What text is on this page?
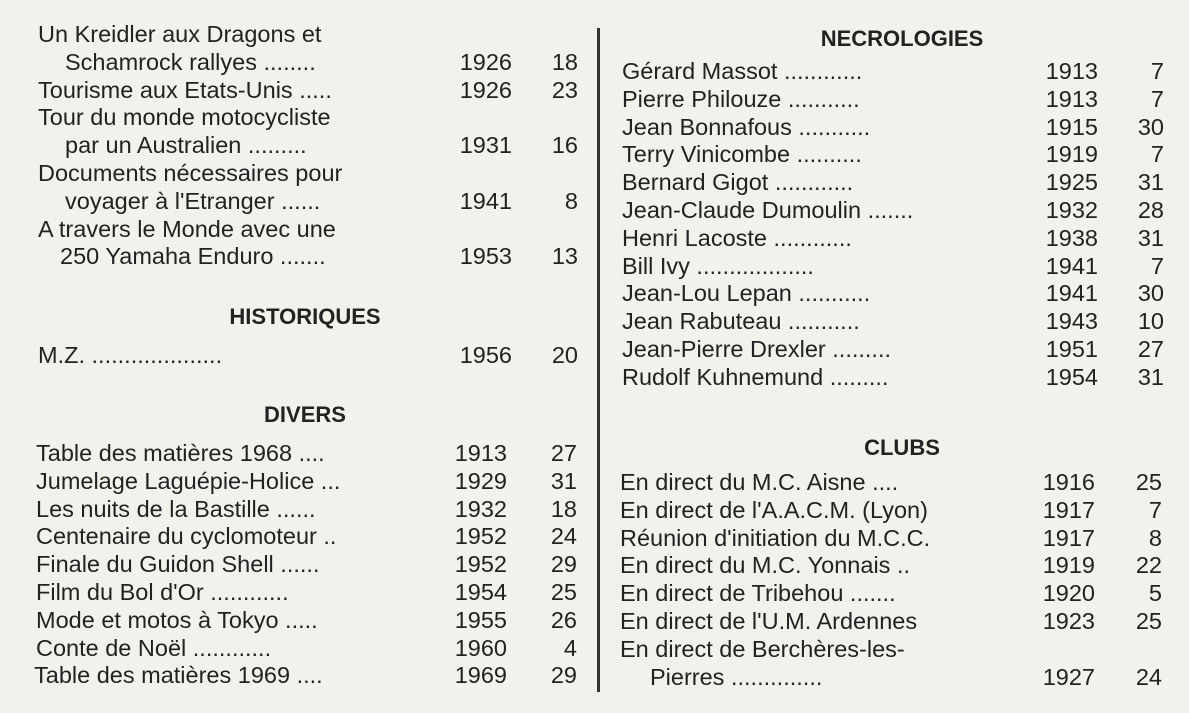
Un Kreidler aux Dragons et
Schamrock rallyes ........	1926 18
Tourisme aux Etats-Unis .....	1926 23
Tour du monde motocycliste
par un Australien .........	1931 16
Documents nécessaires pour
voyager à l'Etranger ......	1941 8
A travers le Monde avec une
250 Yamaha Enduro .......	1953 13
HISTORIQUES
M.Z. ....................	1956 20
DIVERS
Table des matières 1968 ....	1913 27
Jumelage Laguépie-Holice ...	1929 31
Les nuits de la Bastille ......	1932 18
Centenaire du cyclomoteur ..	1952 24
Finale du Guidon Shell ......	1952 29
Film du Bol d'Or ............	1954 25
Mode et motos à Tokyo .....	1955 26
Conte de Noël ............	1960 4
Table des matières 1969 ....	1969 29
NECROLOGIES
Gérard Massot ............	1913 7
Pierre Philouze ...........	1913 7
Jean Bonnafous ...........	1915 30
Terry Vinicombe ..........	1919 7
Bernard Gigot ............	1925 31
Jean-Claude Dumoulin .......	1932 28
Henri Lacoste ............	1938 31
Bill Ivy ..................	1941 7
Jean-Lou Lepan ...........	1941 30
Jean Rabuteau ...........	1943 10
Jean-Pierre Drexler .........	1951 27
Rudolf Kuhnemund .........	1954 31
CLUBS
En direct du M.C. Aisne ....	1916 25
En direct de l'A.A.C.M. (Lyon)	1917 7
Réunion d'initiation du M.C.C.	1917 8
En direct du M.C. Yonnais ..	1919 22
En direct de Tribehou .......	1920 5
En direct de l'U.M. Ardennes	1923 25
En direct de Berchères-les-
Pierres ..............	1927 24
